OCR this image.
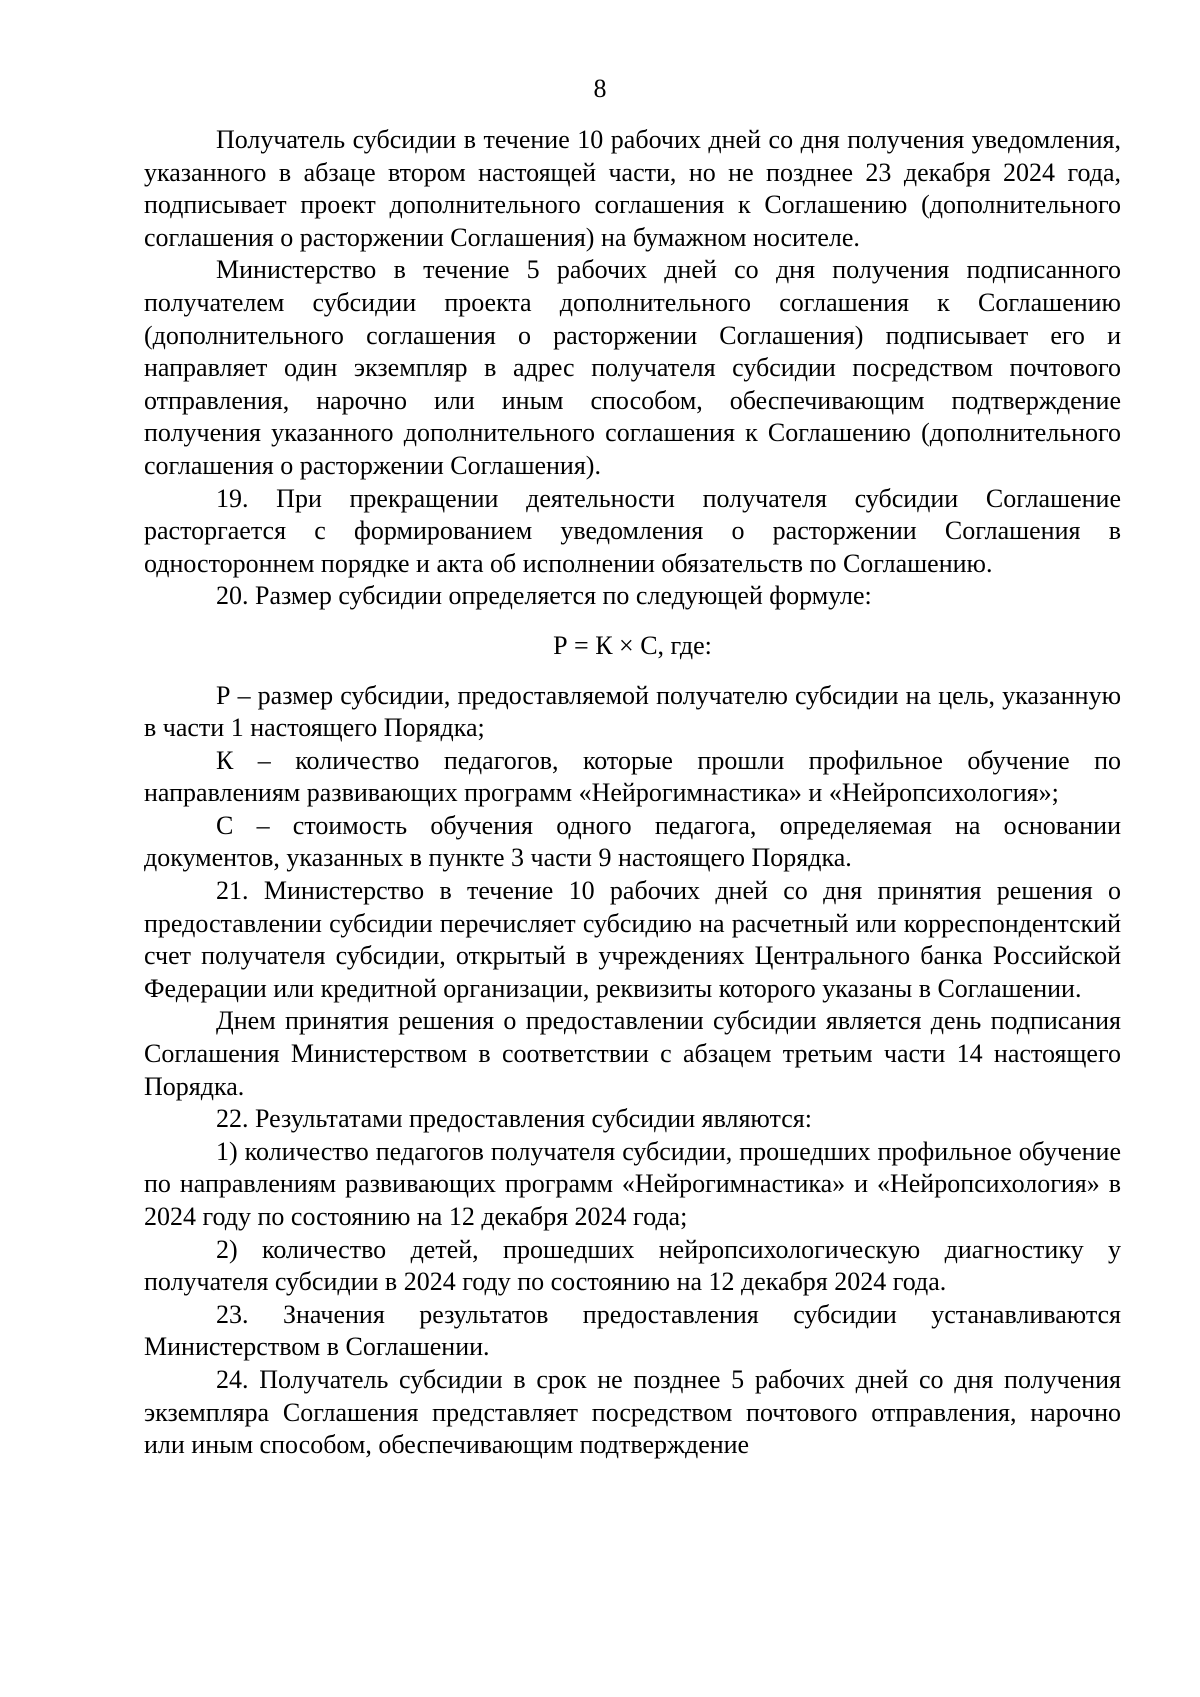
8

Получатель субсидии в течение 10 рабочих дней со дня получения уведомления, указанного в абзаце втором настоящей части, но не позднее 23 декабря 2024 года, подписывает проект дополнительного соглашения к Соглашению (дополнительного соглашения о расторжении Соглашения) на бумажном носителе.

Министерство в течение 5 рабочих дней со дня получения подписанного получателем субсидии проекта дополнительного соглашения к Соглашению (дополнительного соглашения о расторжении Соглашения) подписывает его и направляет один экземпляр в адрес получателя субсидии посредством почтового отправления, нарочно или иным способом, обеспечивающим подтверждение получения указанного дополнительного соглашения к Соглашению (дополнительного соглашения о расторжении Соглашения).

19. При прекращении деятельности получателя субсидии Соглашение расторгается с формированием уведомления о расторжении Соглашения в одностороннем порядке и акта об исполнении обязательств по Соглашению.

20. Размер субсидии определяется по следующей формуле:

Р = К × С, где:

Р – размер субсидии, предоставляемой получателю субсидии на цель, указанную в части 1 настоящего Порядка;

К – количество педагогов, которые прошли профильное обучение по направлениям развивающих программ «Нейрогимнастика» и «Нейропсихология»;

С – стоимость обучения одного педагога, определяемая на основании документов, указанных в пункте 3 части 9 настоящего Порядка.

21. Министерство в течение 10 рабочих дней со дня принятия решения о предоставлении субсидии перечисляет субсидию на расчетный или корреспондентский счет получателя субсидии, открытый в учреждениях Центрального банка Российской Федерации или кредитной организации, реквизиты которого указаны в Соглашении.

Днем принятия решения о предоставлении субсидии является день подписания Соглашения Министерством в соответствии с абзацем третьим части 14 настоящего Порядка.

22. Результатами предоставления субсидии являются:

1) количество педагогов получателя субсидии, прошедших профильное обучение по направлениям развивающих программ «Нейрогимнастика» и «Нейропсихология» в 2024 году по состоянию на 12 декабря 2024 года;

2) количество детей, прошедших нейропсихологическую диагностику у получателя субсидии в 2024 году по состоянию на 12 декабря 2024 года.

23. Значения результатов предоставления субсидии устанавливаются Министерством в Соглашении.

24. Получатель субсидии в срок не позднее 5 рабочих дней со дня получения экземпляра Соглашения представляет посредством почтового отправления, нарочно или иным способом, обеспечивающим подтверждение
